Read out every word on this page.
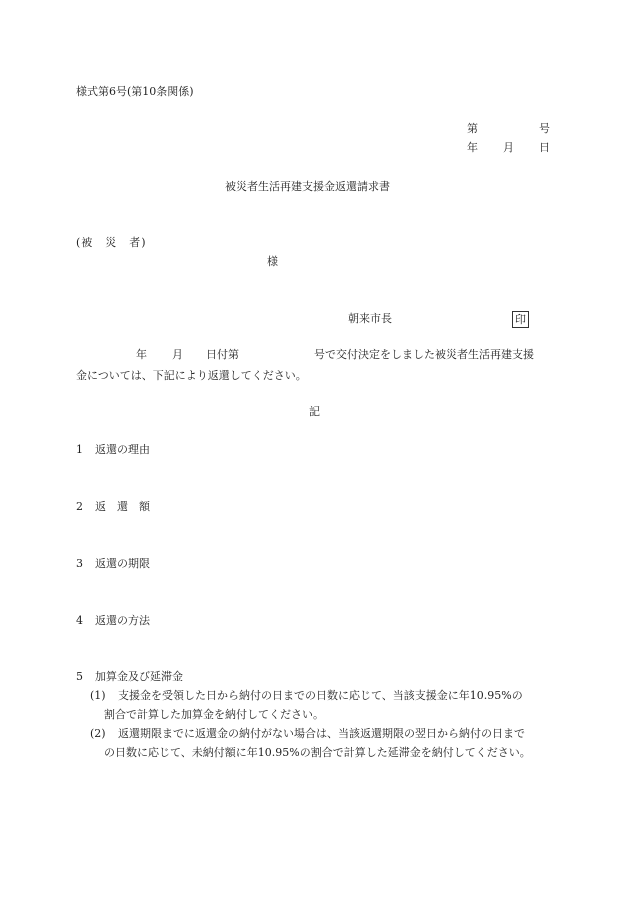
様式第6号(第10条関係)
第	号
年 月 日
被災者生活再建支援金返還請求書
(被　災　者)
様
朝来市長	印
年 月 日付第	号で交付決定をしました被災者生活再建支援
金については、下記により返還してください。
記
1 返還の理由
2 返　還　額
3 返還の期限
4 返還の方法
5 加算金及び延滞金
(1) 支援金を受領した日から納付の日までの日数に応じて、当該支援金に年10.95%の
割合で計算した加算金を納付してください。
(2) 返還期限までに返還金の納付がない場合は、当該返還期限の翌日から納付の日まで
の日数に応じて、未納付額に年10.95%の割合で計算した延滞金を納付してください。
